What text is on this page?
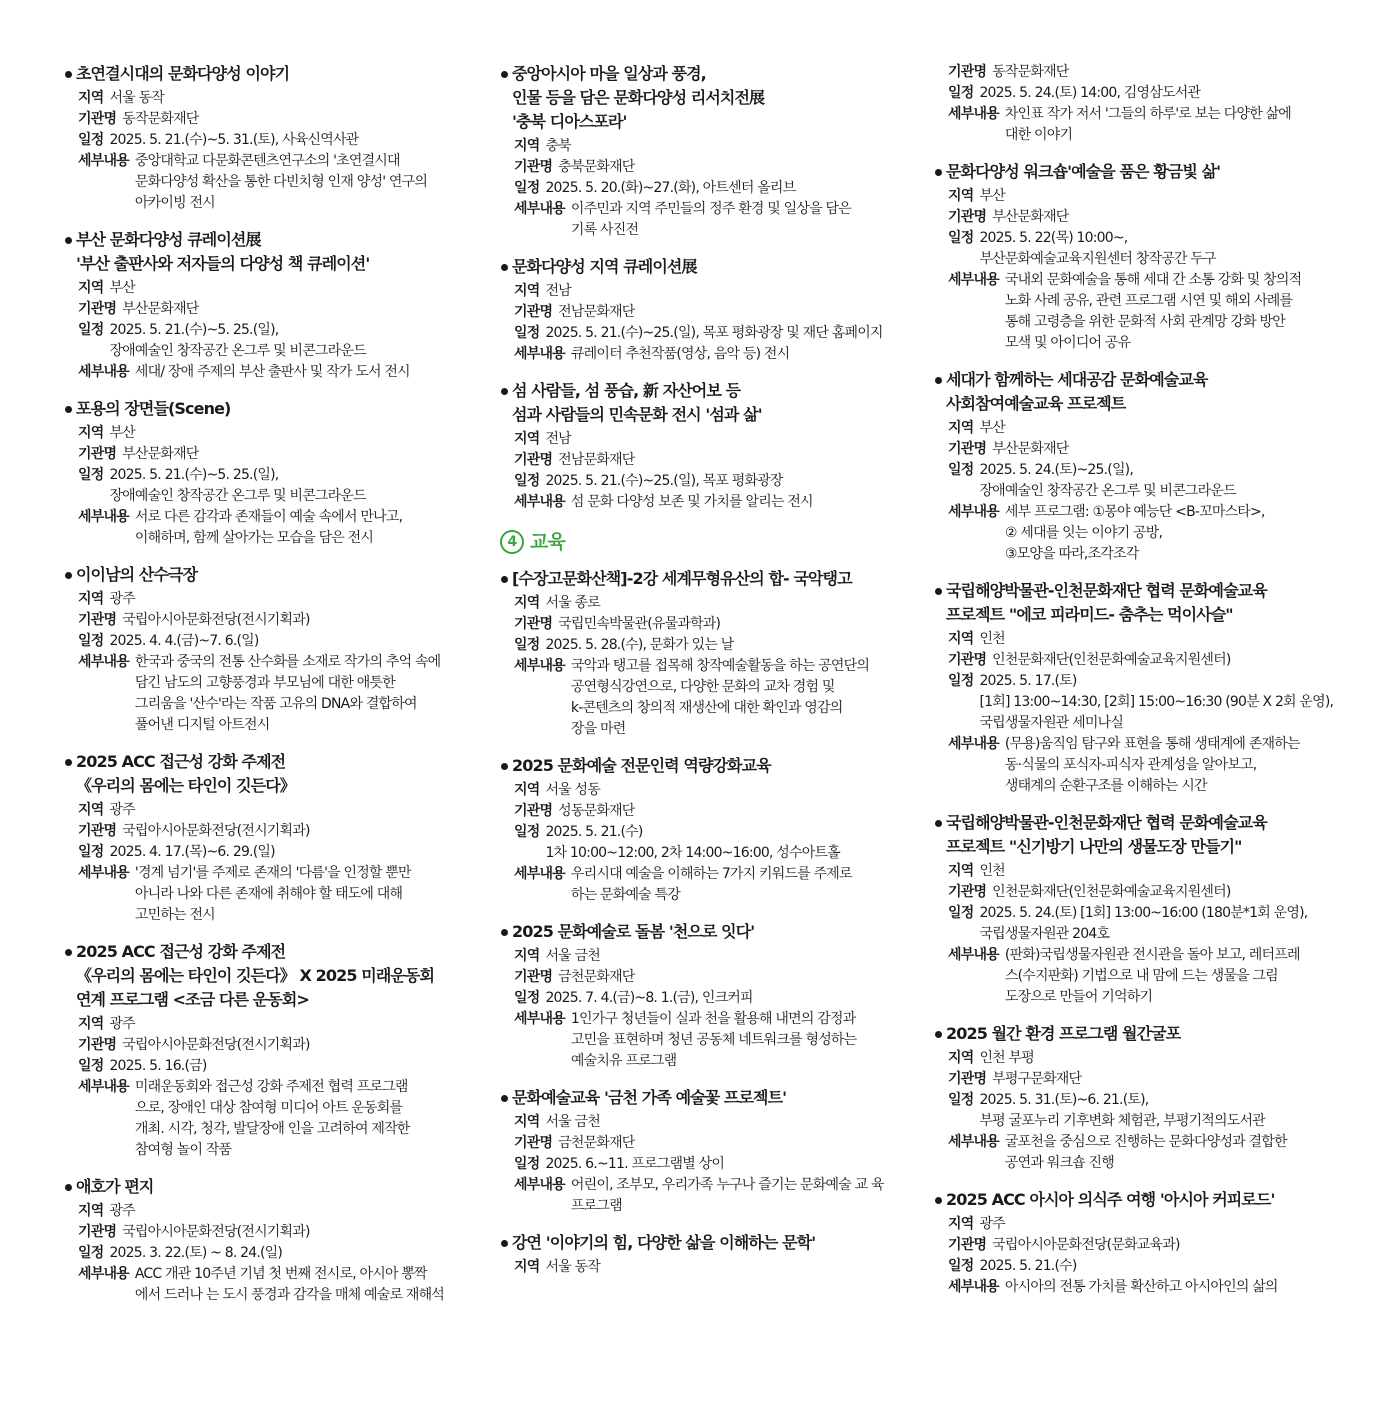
초연결시대의 문화다양성 이야기
지역 서울 동작
기관명 동작문화재단
일정 2025. 5. 21.(수)~5. 31.(토), 사육신역사관
세부내용 중앙대학교 다문화콘텐츠연구소의 '초연결시대
문화다양성 확산을 통한 다빈치형 인재 양성' 연구의
아카이빙 전시
부산 문화다양성 큐레이션展
'부산 출판사와 저자들의 다양성 책 큐레이션'
지역 부산
기관명 부산문화재단
일정 2025. 5. 21.(수)~5. 25.(일),
장애예술인 창작공간 온그루 및 비콘그라운드
세부내용 세대/ 장애 주제의 부산 출판사 및 작가 도서 전시
포용의 장면들(Scene)
지역 부산
기관명 부산문화재단
일정 2025. 5. 21.(수)~5. 25.(일),
장애예술인 창작공간 온그루 및 비콘그라운드
세부내용 서로 다른 감각과 존재들이 예술 속에서 만나고,
이해하며, 함께 살아가는 모습을 담은 전시
이이남의 산수극장
지역 광주
기관명 국립아시아문화전당(전시기획과)
일정 2025. 4. 4.(금)~7. 6.(일)
세부내용 한국과 중국의 전통 산수화를 소재로 작가의 추억 속에
담긴 남도의 고향풍경과 부모님에 대한 애틋한
그리움을 '산수'라는 작품 고유의 DNA와 결합하여
풀어낸 디지털 아트전시
2025 ACC 접근성 강화 주제전
《우리의 몸에는 타인이 깃든다》
지역 광주
기관명 국립아시아문화전당(전시기획과)
일정 2025. 4. 17.(목)~6. 29.(일)
세부내용 '경계 넘기'를 주제로 존재의 '다름'을 인정할 뿐만
아니라 나와 다른 존재에 취해야 할 태도에 대해
고민하는 전시
2025 ACC 접근성 강화 주제전
《우리의 몸에는 타인이 깃든다》 X 2025 미래운동회
연계 프로그램 <조금 다른 운동회>
지역 광주
기관명 국립아시아문화전당(전시기획과)
일정 2025. 5. 16.(금)
세부내용 미래운동회와 접근성 강화 주제전 협력 프로그램
으로, 장애인 대상 참여형 미디어 아트 운동회를
개최. 시각, 청각, 발달장애 인을 고려하여 제작한
참여형 놀이 작품
애호가 편지
지역 광주
기관명 국립아시아문화전당(전시기획과)
일정 2025. 3. 22.(토) ~ 8. 24.(일)
세부내용 ACC 개관 10주년 기념 첫 번째 전시로, 아시아 뽕짝
에서 드러나 는 도시 풍경과 감각을 매체 예술로 재해석
중앙아시아 마을 일상과 풍경,
인물 등을 담은 문화다양성 리서치전展
'충북 디아스포라'
지역 충북
기관명 충북문화재단
일정 2025. 5. 20.(화)~27.(화), 아트센터 올리브
세부내용 이주민과 지역 주민들의 정주 환경 및 일상을 담은
기록 사진전
문화다양성 지역 큐레이션展
지역 전남
기관명 전남문화재단
일정 2025. 5. 21.(수)~25.(일), 목포 평화광장 및 재단 홈페이지
세부내용 큐레이터 추천작품(영상, 음악 등) 전시
섬 사람들, 섬 풍습, 新 자산어보 등
섬과 사람들의 민속문화 전시 '섬과 삶'
지역 전남
기관명 전남문화재단
일정 2025. 5. 21.(수)~25.(일), 목포 평화광장
세부내용 섬 문화 다양성 보존 및 가치를 알리는 전시
4 교육
[수장고문화산책]-2강 세계무형유산의 합- 국악탱고
지역 서울 종로
기관명 국립민속박물관(유물과학과)
일정 2025. 5. 28.(수), 문화가 있는 날
세부내용 국악과 탱고를 접목해 창작예술활동을 하는 공연단의
공연형식강연으로, 다양한 문화의 교차 경험 및
k-콘텐츠의 창의적 재생산에 대한 확인과 영감의
장을 마련
2025 문화예술 전문인력 역량강화교육
지역 서울 성동
기관명 성동문화재단
일정 2025. 5. 21.(수)
1차 10:00~12:00, 2차 14:00~16:00, 성수아트홀
세부내용 우리시대 예술을 이해하는 7가지 키워드를 주제로
하는 문화예술 특강
2025 문화예술로 돌봄 '천으로 잇다'
지역 서울 금천
기관명 금천문화재단
일정 2025. 7. 4.(금)~8. 1.(금), 인크커피
세부내용 1인가구 청년들이 실과 천을 활용해 내면의 감정과
고민을 표현하며 청년 공동체 네트워크를 형성하는
예술치유 프로그램
문화예술교육 '금천 가족 예술꽃 프로젝트'
지역 서울 금천
기관명 금천문화재단
일정 2025. 6.~11. 프로그램별 상이
세부내용 어린이, 조부모, 우리가족 누구나 즐기는 문화예술 교 육
프로그램
강연 '이야기의 힘, 다양한 삶을 이해하는 문학'
지역 서울 동작
기관명 동작문화재단
일정 2025. 5. 24.(토) 14:00, 김영삼도서관
세부내용 차인표 작가 저서 '그들의 하루'로 보는 다양한 삶에
대한 이야기
문화다양성 워크숍'예술을 품은 황금빛 삶'
지역 부산
기관명 부산문화재단
일정 2025. 5. 22(목) 10:00~,
부산문화예술교육지원센터 창작공간 두구
세부내용 국내외 문화예술을 통해 세대 간 소통 강화 및 창의적
노화 사례 공유, 관련 프로그램 시연 및 해외 사례를
통해 고령층을 위한 문화적 사회 관계망 강화 방안
모색 및 아이디어 공유
세대가 함께하는 세대공감 문화예술교육
사회참여예술교육 프로젝트
지역 부산
기관명 부산문화재단
일정 2025. 5. 24.(토)~25.(일),
장애예술인 창작공간 온그루 및 비콘그라운드
세부내용 세부 프로그램: ①몽야 예능단 <B-꼬마스타>,
② 세대를 잇는 이야기 공방,
③모양을 따라,조각조각
국립해양박물관-인천문화재단 협력 문화예술교육
프로젝트 "에코 피라미드- 춤추는 먹이사슬"
지역 인천
기관명 인천문화재단(인천문화예술교육지원센터)
일정 2025. 5. 17.(토)
[1회] 13:00~14:30, [2회] 15:00~16:30 (90분 X 2회 운영),
국립생물자원관 세미나실
세부내용 (무용)움직임 탐구와 표현을 통해 생태계에 존재하는
동·식물의 포식자-피식자 관계성을 알아보고,
생태계의 순환구조를 이해하는 시간
국립해양박물관-인천문화재단 협력 문화예술교육
프로젝트 "신기방기 나만의 생물도장 만들기"
지역 인천
기관명 인천문화재단(인천문화예술교육지원센터)
일정 2025. 5. 24.(토) [1회] 13:00~16:00 (180분*1회 운영),
국립생물자원관 204호
세부내용 (판화)국립생물자원관 전시관을 돌아 보고, 레터프레
스(수지판화) 기법으로 내 맘에 드는 생물을 그림
도장으로 만들어 기억하기
2025 월간 환경 프로그램 월간굴포
지역 인천 부평
기관명 부평구문화재단
일정 2025. 5. 31.(토)~6. 21.(토),
부평 굴포누리 기후변화 체험관, 부평기적의도서관
세부내용 굴포천을 중심으로 진행하는 문화다양성과 결합한
공연과 워크숍 진행
2025 ACC 아시아 의식주 여행 '아시아 커피로드'
지역 광주
기관명 국립아시아문화전당(문화교육과)
일정 2025. 5. 21.(수)
세부내용 아시아의 전통 가치를 확산하고 아시아인의 삶의
